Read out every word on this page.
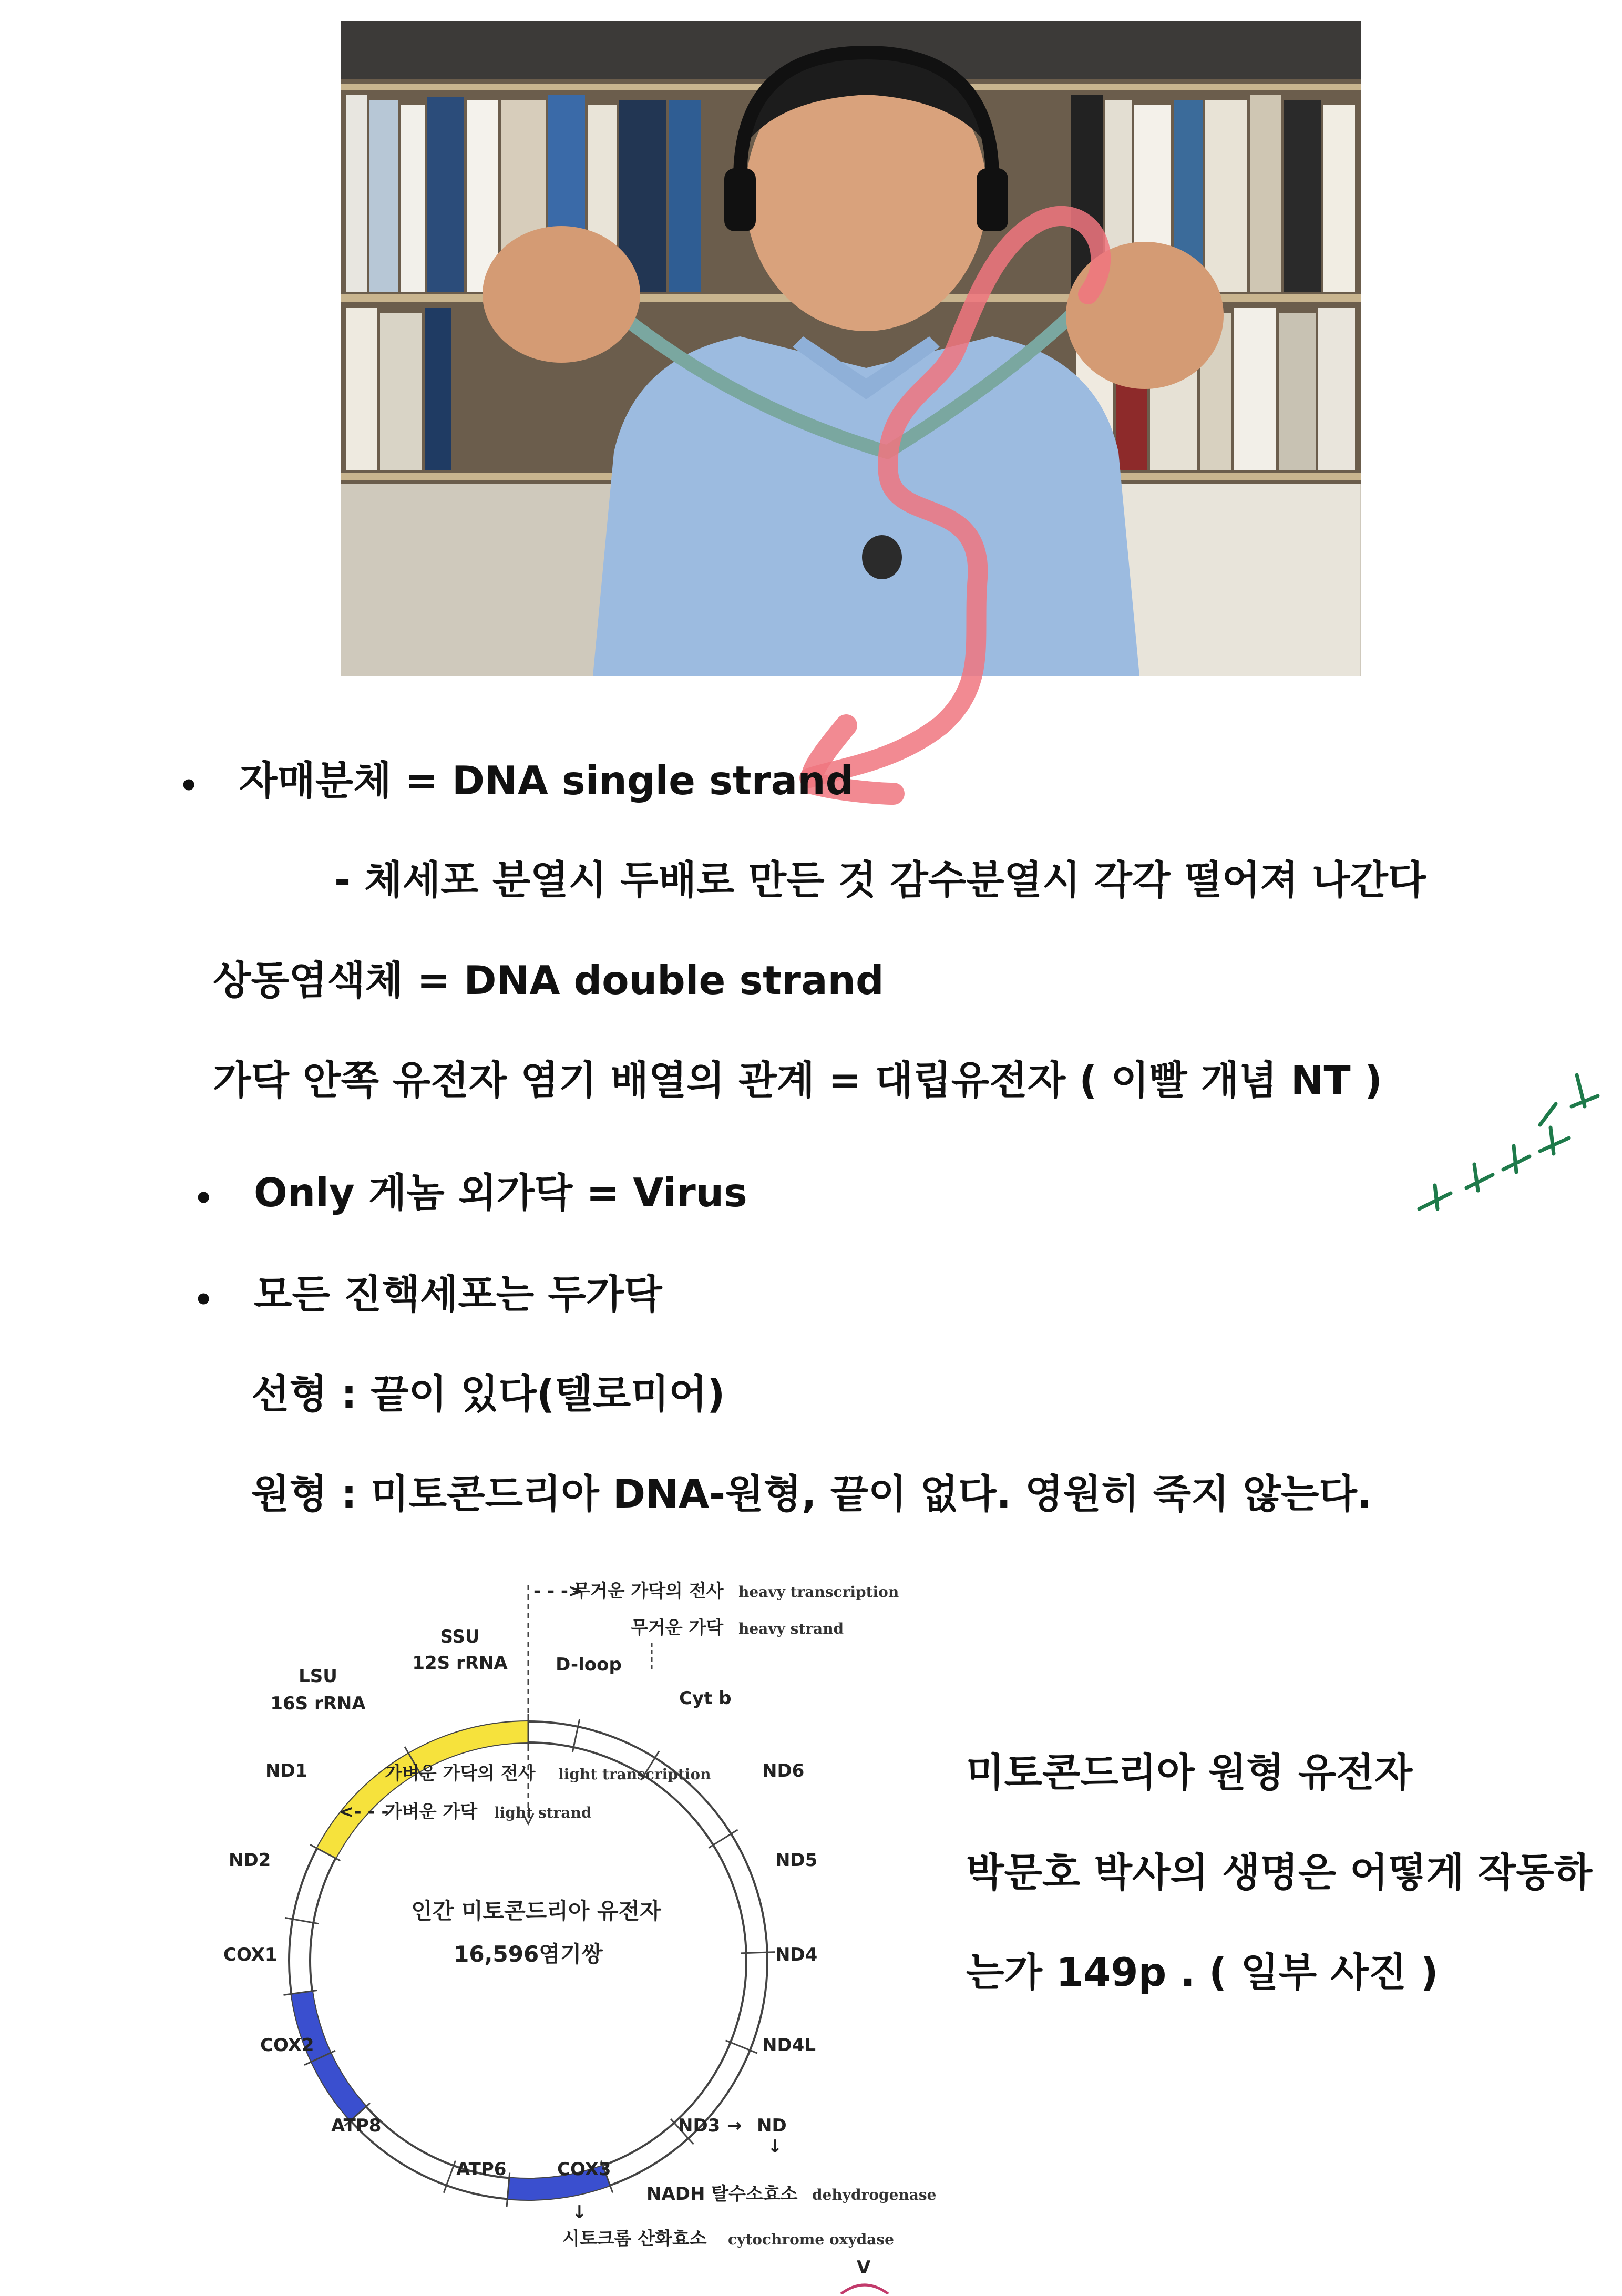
• 자매분체 = DNA single strand
- 체세포 분열시 두배로 만든 것 감수분열시 각각 떨어져 나간다
상동염색체 = DNA double strand
가닥 안쪽 유전자 염기 배열의 관계 = 대립유전자 ( 이빨 개념 NT )
• Only 게놈 외가닥 = Virus
• 모든 진핵세포는 두가닥
선형 : 끝이 있다(텔로미어)
원형 : 미토콘드리아 DNA-원형, 끝이 없다. 영원히 죽지 않는다.
- - ->
무거운 가닥의 전사 heavy transcription
무거운 가닥 heavy strand
SSU
12S rRNA	D-loop
LSU
16S rRNA	Cyt b
ND1
ND2
COX1
COX2
ATP8
ATP6	COX3
ND3 → ND
ND4L
ND4
ND5
ND6
가벼운 가닥의 전사 light transcription
<- - -
가벼운 가닥 light strand
인간 미토콘드리아 유전자
16,596염기쌍
↓
NADH 탈수소효소 dehydrogenase
↓
시토크롬 산화효소 cytochrome oxydase
V
미토콘드리아 원형 유전자
박문호 박사의 생명은 어떻게 작동하
는가 149p . ( 일부 사진 )
